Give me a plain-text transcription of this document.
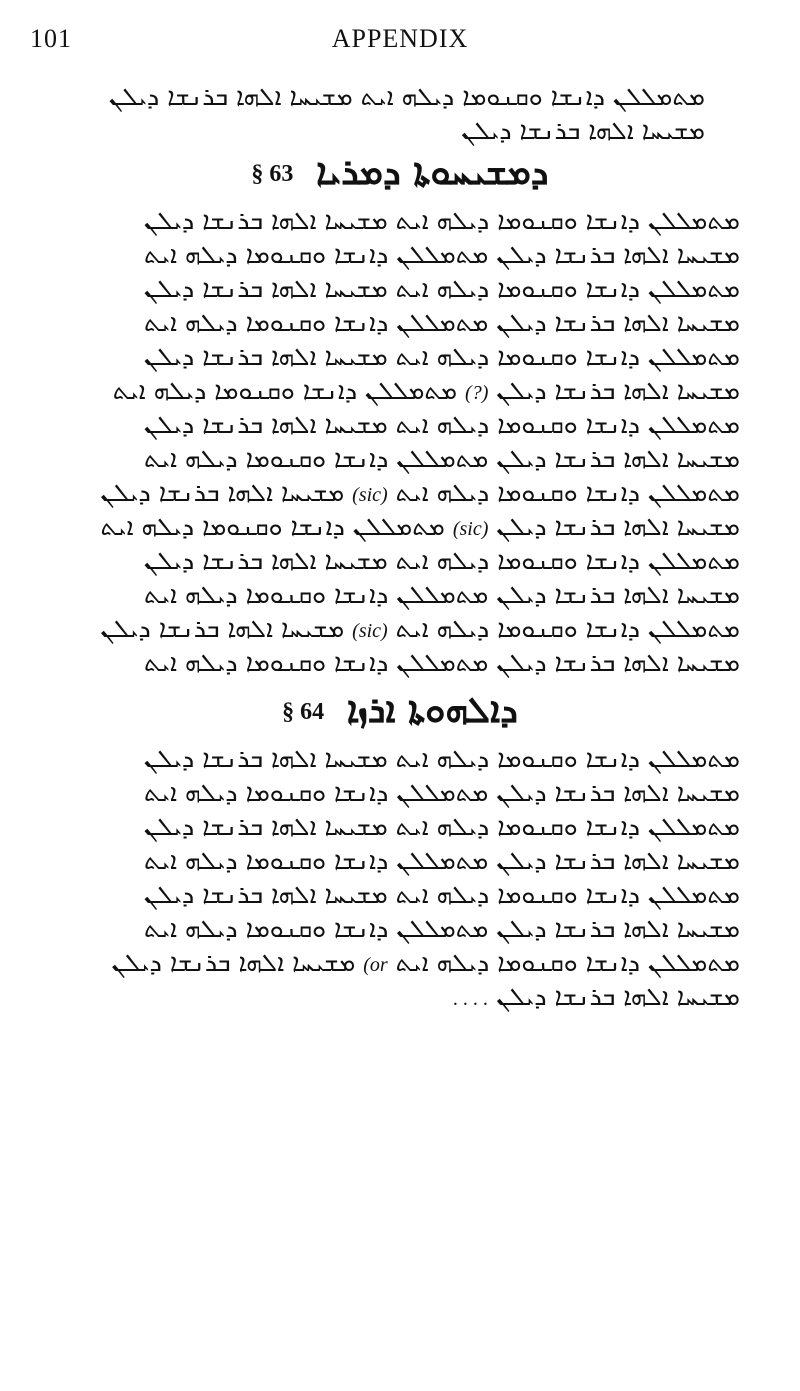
101	APPENDIX
ܡܬܡܠܠܢ ܕܐܢܫܐ ܘܩܢܘܡܐ ܕܝܠܗ ܐܝܬ ܡܫܝܚܐ ܐܠܗܐ ܒܪܢܫܐ ܕܝܠܢ
ܡܫܝܚܐ ܐܠܗܐ ܒܪܢܫܐ ܕܝܠܢ
ܕܡܫܝܚܘܬܐ ܕܡܪܝܐ § 63
ܡܬܡܠܠܢ ܕܐܢܫܐ ܘܩܢܘܡܐ ܕܝܠܗ ܐܝܬ ܡܫܝܚܐ ܐܠܗܐ ܒܪܢܫܐ ܕܝܠܢ
ܡܫܝܚܐ ܐܠܗܐ ܒܪܢܫܐ ܕܝܠܢ ܡܬܡܠܠܢ ܕܐܢܫܐ ܘܩܢܘܡܐ ܕܝܠܗ ܐܝܬ
ܡܬܡܠܠܢ ܕܐܢܫܐ ܘܩܢܘܡܐ ܕܝܠܗ ܐܝܬ ܡܫܝܚܐ ܐܠܗܐ ܒܪܢܫܐ ܕܝܠܢ
ܡܫܝܚܐ ܐܠܗܐ ܒܪܢܫܐ ܕܝܠܢ ܡܬܡܠܠܢ ܕܐܢܫܐ ܘܩܢܘܡܐ ܕܝܠܗ ܐܝܬ
ܡܬܡܠܠܢ ܕܐܢܫܐ ܘܩܢܘܡܐ ܕܝܠܗ ܐܝܬ ܡܫܝܚܐ ܐܠܗܐ ܒܪܢܫܐ ܕܝܠܢ
ܡܫܝܚܐ ܐܠܗܐ ܒܪܢܫܐ ܕܝܠܢ (?) ܡܬܡܠܠܢ ܕܐܢܫܐ ܘܩܢܘܡܐ ܕܝܠܗ ܐܝܬ
ܡܬܡܠܠܢ ܕܐܢܫܐ ܘܩܢܘܡܐ ܕܝܠܗ ܐܝܬ ܡܫܝܚܐ ܐܠܗܐ ܒܪܢܫܐ ܕܝܠܢ
ܡܫܝܚܐ ܐܠܗܐ ܒܪܢܫܐ ܕܝܠܢ ܡܬܡܠܠܢ ܕܐܢܫܐ ܘܩܢܘܡܐ ܕܝܠܗ ܐܝܬ
ܡܬܡܠܠܢ ܕܐܢܫܐ ܘܩܢܘܡܐ ܕܝܠܗ ܐܝܬ (sic) ܡܫܝܚܐ ܐܠܗܐ ܒܪܢܫܐ ܕܝܠܢ
ܡܫܝܚܐ ܐܠܗܐ ܒܪܢܫܐ ܕܝܠܢ (sic) ܡܬܡܠܠܢ ܕܐܢܫܐ ܘܩܢܘܡܐ ܕܝܠܗ ܐܝܬ
ܡܬܡܠܠܢ ܕܐܢܫܐ ܘܩܢܘܡܐ ܕܝܠܗ ܐܝܬ ܡܫܝܚܐ ܐܠܗܐ ܒܪܢܫܐ ܕܝܠܢ
ܡܫܝܚܐ ܐܠܗܐ ܒܪܢܫܐ ܕܝܠܢ ܡܬܡܠܠܢ ܕܐܢܫܐ ܘܩܢܘܡܐ ܕܝܠܗ ܐܝܬ
ܡܬܡܠܠܢ ܕܐܢܫܐ ܘܩܢܘܡܐ ܕܝܠܗ ܐܝܬ (sic) ܡܫܝܚܐ ܐܠܗܐ ܒܪܢܫܐ ܕܝܠܢ
ܡܫܝܚܐ ܐܠܗܐ ܒܪܢܫܐ ܕܝܠܢ ܡܬܡܠܠܢ ܕܐܢܫܐ ܘܩܢܘܡܐ ܕܝܠܗ ܐܝܬ
ܕܐܠܗܘܬܐ ܐܪܙܐ § 64
ܡܬܡܠܠܢ ܕܐܢܫܐ ܘܩܢܘܡܐ ܕܝܠܗ ܐܝܬ ܡܫܝܚܐ ܐܠܗܐ ܒܪܢܫܐ ܕܝܠܢ
ܡܫܝܚܐ ܐܠܗܐ ܒܪܢܫܐ ܕܝܠܢ ܡܬܡܠܠܢ ܕܐܢܫܐ ܘܩܢܘܡܐ ܕܝܠܗ ܐܝܬ
ܡܬܡܠܠܢ ܕܐܢܫܐ ܘܩܢܘܡܐ ܕܝܠܗ ܐܝܬ ܡܫܝܚܐ ܐܠܗܐ ܒܪܢܫܐ ܕܝܠܢ
ܡܫܝܚܐ ܐܠܗܐ ܒܪܢܫܐ ܕܝܠܢ ܡܬܡܠܠܢ ܕܐܢܫܐ ܘܩܢܘܡܐ ܕܝܠܗ ܐܝܬ
ܡܬܡܠܠܢ ܕܐܢܫܐ ܘܩܢܘܡܐ ܕܝܠܗ ܐܝܬ ܡܫܝܚܐ ܐܠܗܐ ܒܪܢܫܐ ܕܝܠܢ
ܡܫܝܚܐ ܐܠܗܐ ܒܪܢܫܐ ܕܝܠܢ ܡܬܡܠܠܢ ܕܐܢܫܐ ܘܩܢܘܡܐ ܕܝܠܗ ܐܝܬ
ܡܬܡܠܠܢ ܕܐܢܫܐ ܘܩܢܘܡܐ ܕܝܠܗ ܐܝܬ (or ܡܫܝܚܐ ܐܠܗܐ ܒܪܢܫܐ ܕܝܠܢ
ܡܫܝܚܐ ܐܠܗܐ ܒܪܢܫܐ ܕܝܠܢ . . . .
